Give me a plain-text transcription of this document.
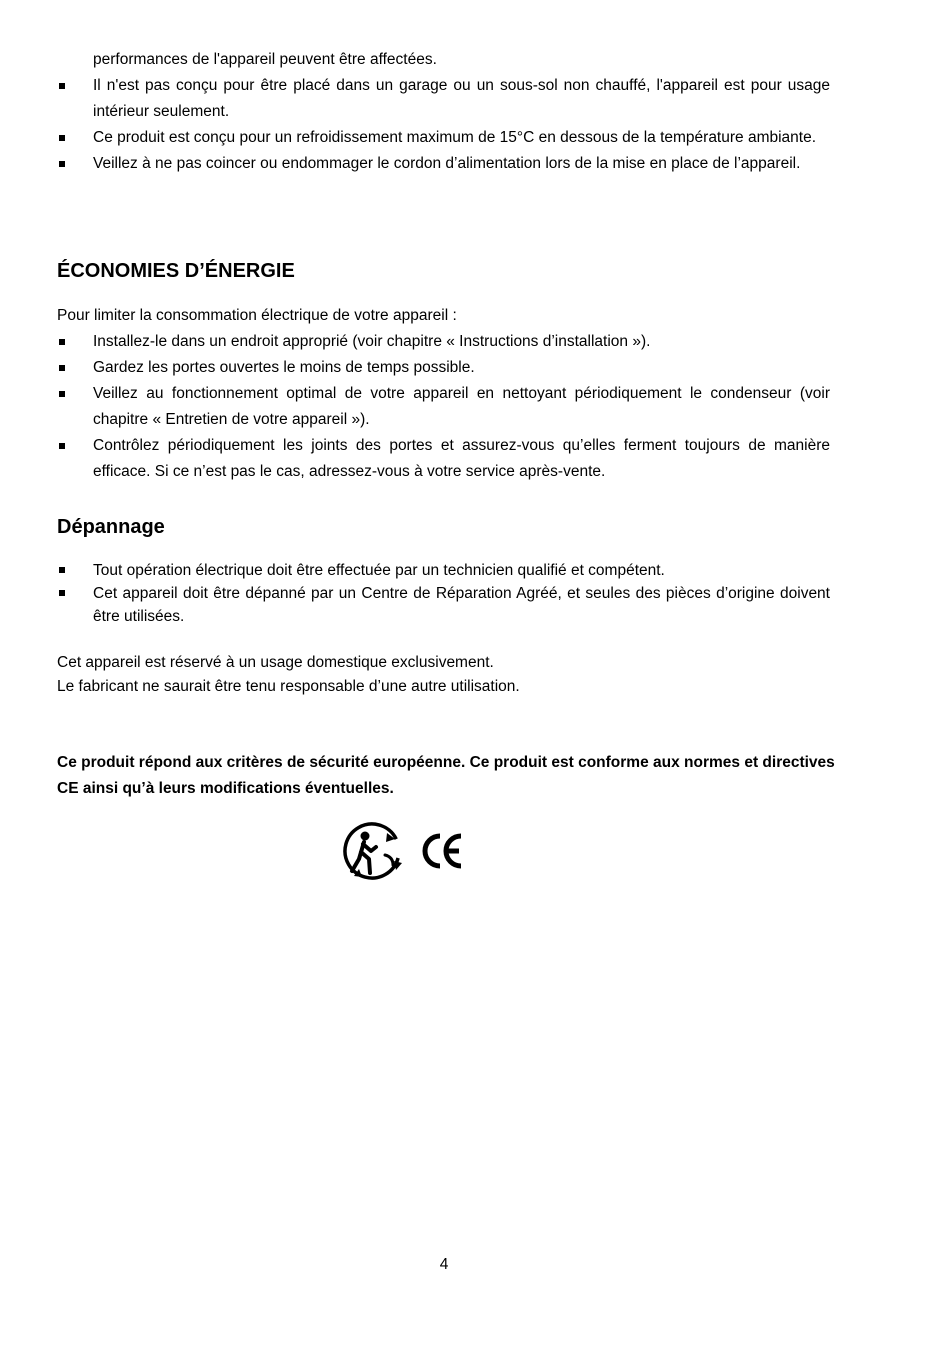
performances de l'appareil peuvent être affectées.
Il n'est pas conçu pour être placé dans un garage ou un sous-sol non chauffé, l'appareil est pour usage intérieur seulement.
Ce produit est conçu pour un refroidissement maximum de 15°C en dessous de la température ambiante.
Veillez à ne pas coincer ou endommager le cordon d’alimentation lors de la mise en place de l’appareil.
ÉCONOMIES D’ÉNERGIE
Pour limiter la consommation électrique de votre appareil :
Installez-le dans un endroit approprié (voir chapitre « Instructions d’installation »).
Gardez les portes ouvertes le moins de temps possible.
Veillez au fonctionnement optimal de votre appareil en nettoyant périodiquement le condenseur (voir chapitre « Entretien de votre appareil »).
Contrôlez périodiquement les joints des portes et assurez-vous qu’elles ferment toujours de manière efficace. Si ce n’est pas le cas, adressez-vous à votre service après-vente.
Dépannage
Tout opération électrique doit être effectuée par un technicien qualifié et compétent.
Cet appareil doit être dépanné par un Centre de Réparation Agréé, et seules des pièces d’origine doivent être utilisées.
Cet appareil est réservé à un usage domestique exclusivement.
Le fabricant ne saurait être tenu responsable d’une autre utilisation.
Ce produit répond aux critères de sécurité européenne. Ce produit est conforme aux normes et directives CE ainsi qu’à leurs modifications éventuelles.
4
